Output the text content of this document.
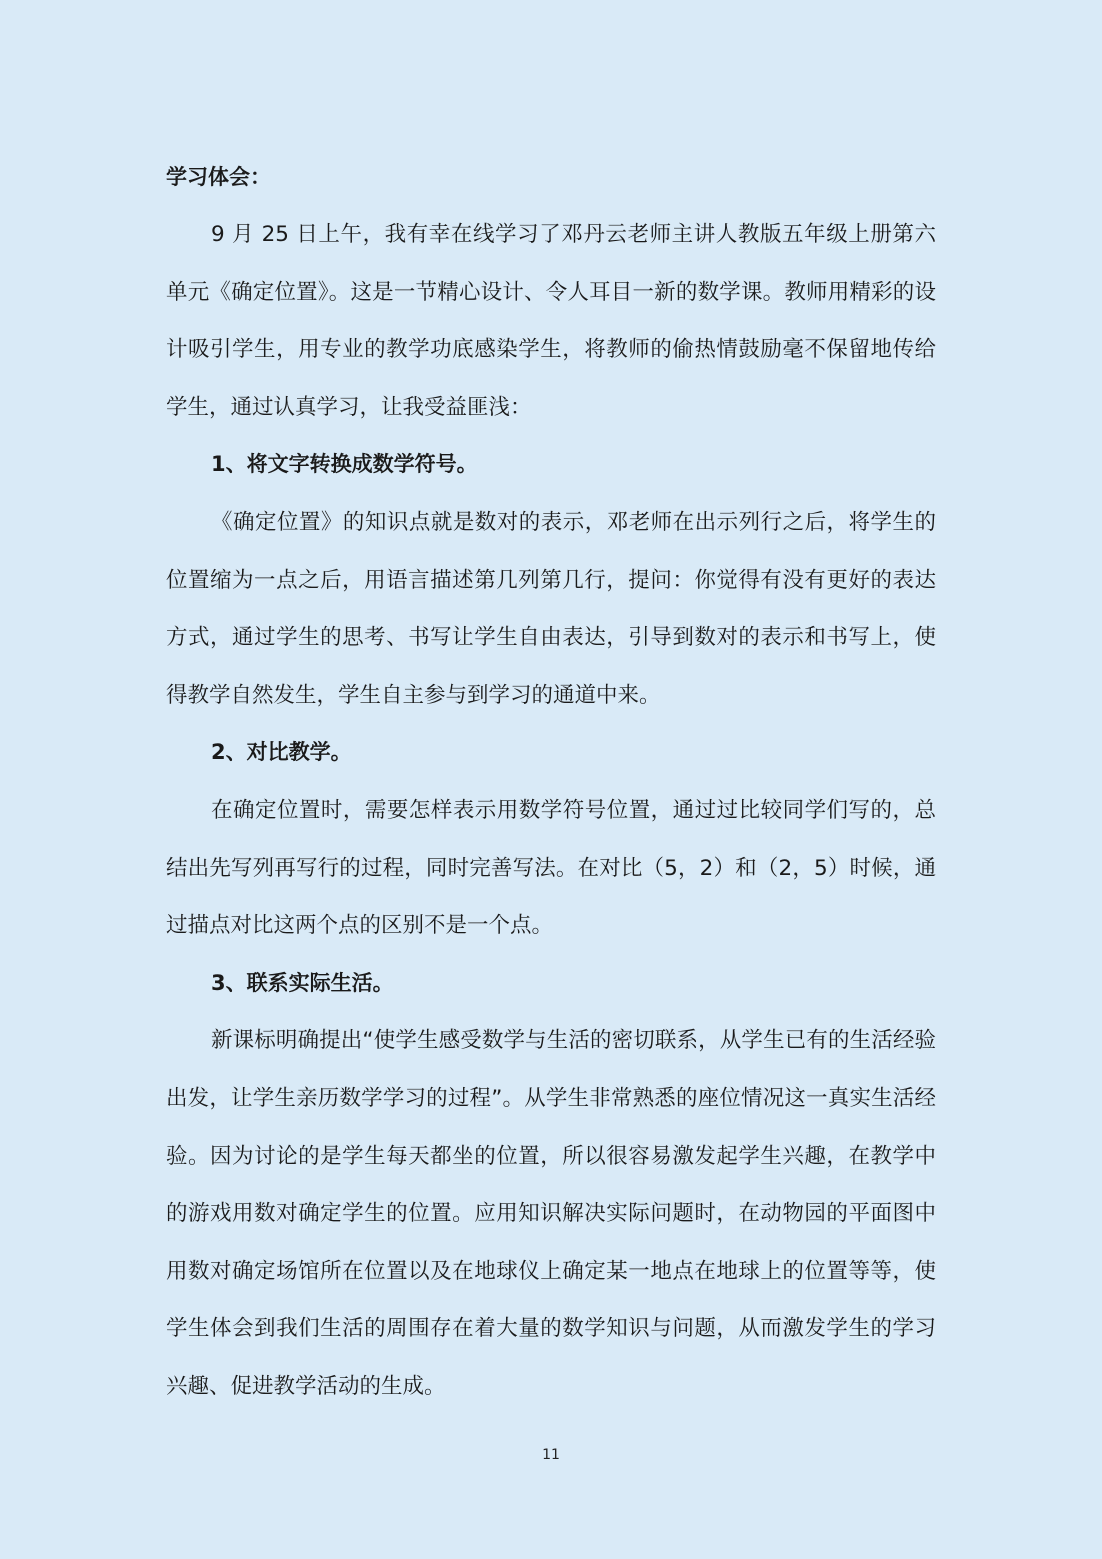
学习体会：

9 月 25 日上午，我有幸在线学习了邓丹云老师主讲人教版五年级上册第六单元《确定位置》。这是一节精心设计、令人耳目一新的数学课。教师用精彩的设计吸引学生，用专业的教学功底感染学生，将教师的偷热情鼓励毫不保留地传给学生，通过认真学习，让我受益匪浅：

1、将文字转换成数学符号。

《确定位置》的知识点就是数对的表示，邓老师在出示列行之后，将学生的位置缩为一点之后，用语言描述第几列第几行，提问：你觉得有没有更好的表达方式，通过学生的思考、书写让学生自由表达，引导到数对的表示和书写上，使得教学自然发生，学生自主参与到学习的通道中来。

2、对比教学。

在确定位置时，需要怎样表示用数学符号位置，通过过比较同学们写的，总结出先写列再写行的过程，同时完善写法。在对比（5，2）和（2，5）时候，通过描点对比这两个点的区别不是一个点。

3、联系实际生活。

新课标明确提出“使学生感受数学与生活的密切联系，从学生已有的生活经验出发，让学生亲历数学学习的过程”。从学生非常熟悉的座位情况这一真实生活经验。因为讨论的是学生每天都坐的位置，所以很容易激发起学生兴趣，在教学中的游戏用数对确定学生的位置。应用知识解决实际问题时，在动物园的平面图中用数对确定场馆所在位置以及在地球仪上确定某一地点在地球上的位置等等，使学生体会到我们生活的周围存在着大量的数学知识与问题，从而激发学生的学习兴趣、促进教学活动的生成。

11
